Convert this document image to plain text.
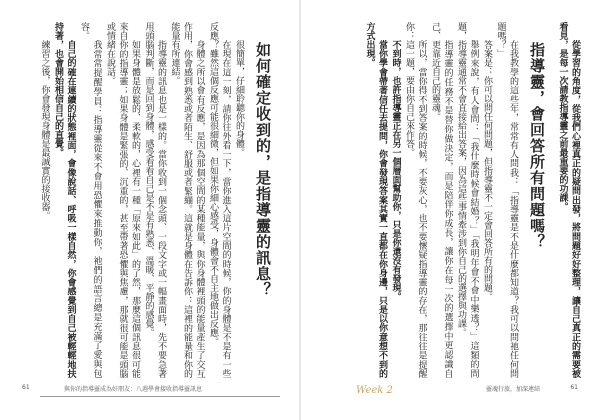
如何確定收到的，是指導靈的訊息？

很簡單，仔細聆聽你的身體。

在現在這一刻，請你往外看一下，當你進入這片空間的時候，你的身體是不是有一些反應？雖然這個反應可能很細微，但如果你細心感受，身體會不自主地做出反應。

身體之所以會有反應，是因為那個空間的某種能量，與你身體裡頭的能量產生了交互作用，你會感到熟悉或者陌生、舒服或者緊繃。這就是身體在告訴你：這裡的能量和你的能量有所連結。

指導靈的訊息也是一樣的。當你收到一個念頭、一段文字或一幅畫面時，先不要急著用頭腦判斷，而是回到身體，感受看看自己是不是有熟悉、溫暖、平靜的感覺。

如果身體是放鬆的、柔軟的，心裡有一種「原來如此」的了然，那麼這個訊息很可能來自你的指導靈；如果身體是緊張的、沉重的，甚至帶著恐懼與焦慮，那就很可能是頭腦或情緒在說話。

我常常提醒學員：指導靈從來不會用恐懼來推動你，祂們的語言總是充滿了愛與包容。

自己的確在連續的狀態裡面，會像說話、呼吸一樣自然，你會感覺到自己被輕輕地扶持著，也會開始相信自己的直覺。

練習之後，你會發現身體是最誠實的接收器。

61	與你的指導靈成為好朋友：八週學會接收指導靈訊息

從學習的角度，從我們心裡真正的疑問出發，將問題好好整理，讓自己真正的需要被看見，是每一次請教指導靈之前最重要的功課。

指導靈，會回答所有問題嗎？

在我教學的這些年，常常有人問我：「指導靈是不是什麼都知道？我可以問祂任何問題嗎？」

答案是：你可以問任何問題，但指導靈不一定會回答所有的問題。

舉例來說，有人會問：「我什麼時候會結婚？」「我明年會不會中樂透？」這類的問題，指導靈通常不會直接給出答案，因為這些事情牽涉到你自己的選擇與功課。

指導靈的任務不是替你做決定，而是陪伴你成長，讓你在每一次的選擇中更認識自己、更靠近自己的靈魂。

所以，當你得不到答案的時候，不要灰心，也不要懷疑指導靈的存在，那往往是提醒你：這一題，要由你自己來作答。

不到時，也許指導靈正在另一個層面幫助你，只是你還沒有發現。

當你學會帶著信任去提問，你會發現答案其實一直都在你身邊，只是以你意想不到的方式出現。

Week 2	靈魂行旅，加深連結	61
